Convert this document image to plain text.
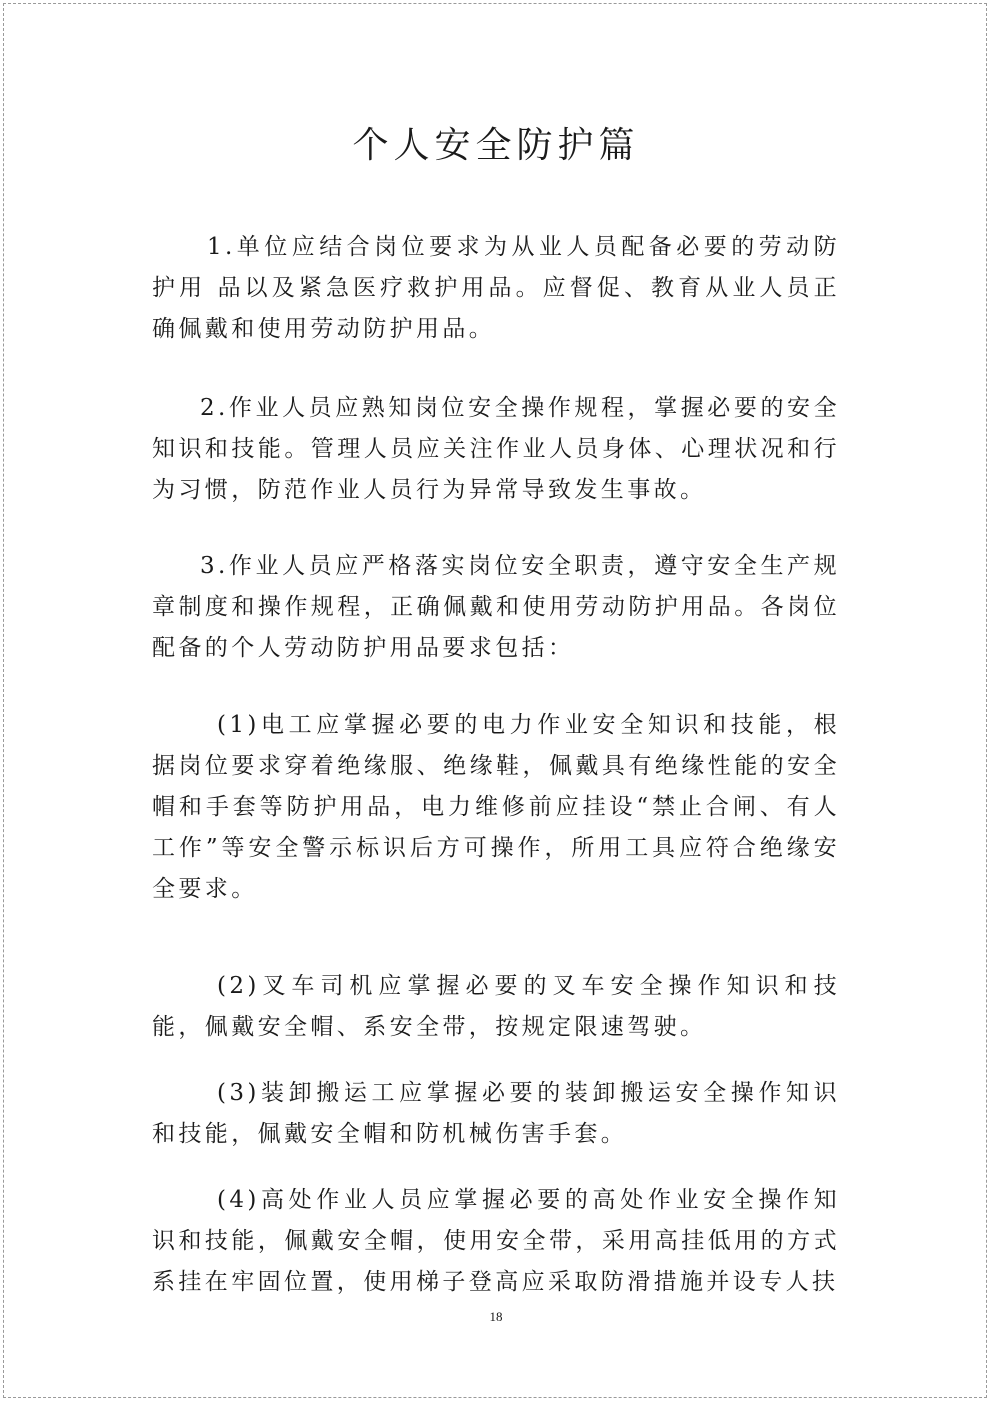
个人安全防护篇

1.单位应结合岗位要求为从业人员配备必要的劳动防护用 品以及紧急医疗救护用品。应督促、教育从业人员正确佩戴和使用劳动防护用品。

2.作业人员应熟知岗位安全操作规程，掌握必要的安全知识和技能。管理人员应关注作业人员身体、心理状况和行为习惯，防范作业人员行为异常导致发生事故。

3.作业人员应严格落实岗位安全职责，遵守安全生产规章制度和操作规程，正确佩戴和使用劳动防护用品。各岗位配备的个人劳动防护用品要求包括：

(1)电工应掌握必要的电力作业安全知识和技能，根据岗位要求穿着绝缘服、绝缘鞋，佩戴具有绝缘性能的安全帽和手套等防护用品，电力维修前应挂设“禁止合闸、有人工作”等安全警示标识后方可操作，所用工具应符合绝缘安全要求。

(2)叉车司机应掌握必要的叉车安全操作知识和技能，佩戴安全帽、系安全带，按规定限速驾驶。

(3)装卸搬运工应掌握必要的装卸搬运安全操作知识和技能，佩戴安全帽和防机械伤害手套。

(4)高处作业人员应掌握必要的高处作业安全操作知识和技能，佩戴安全帽，使用安全带，采用高挂低用的方式系挂在牢固位置，使用梯子登高应采取防滑措施并设专人扶

18
